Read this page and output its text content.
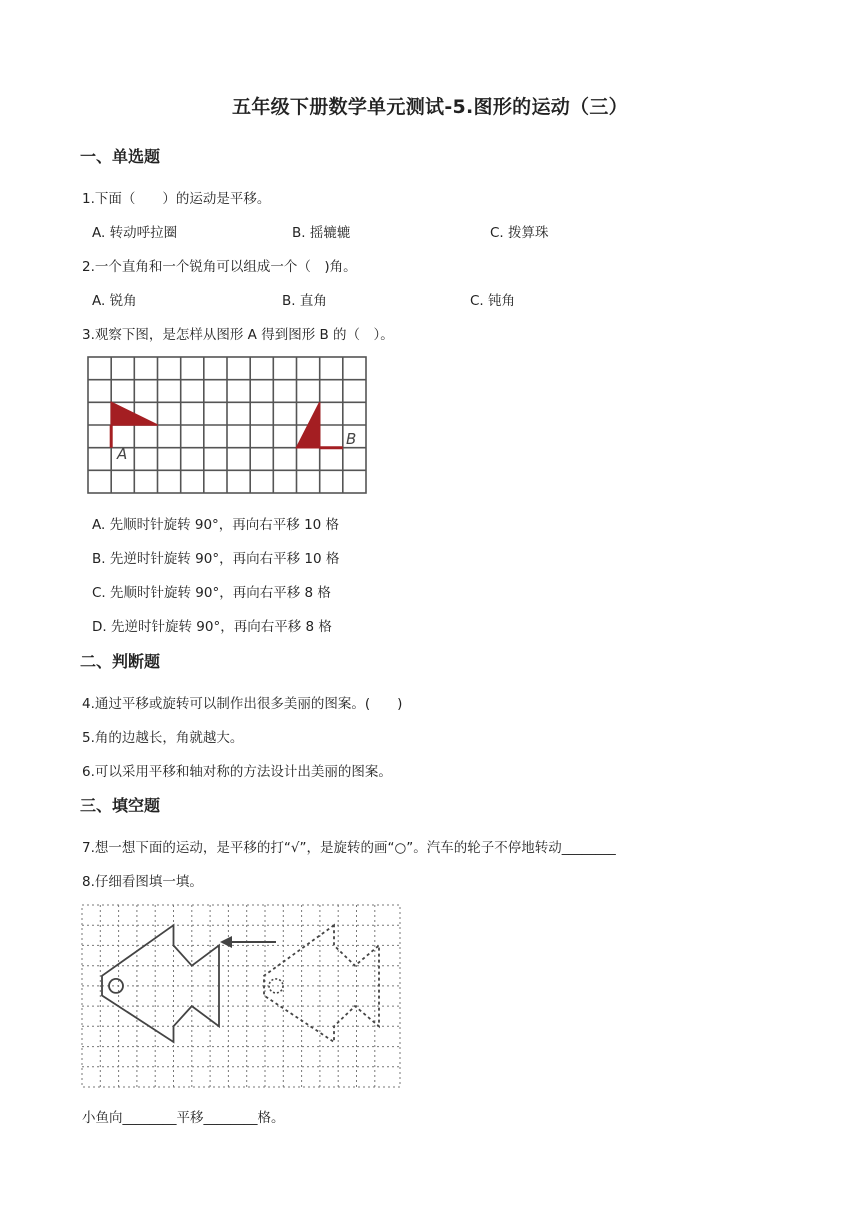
五年级下册数学单元测试-5.图形的运动（三）
一、单选题
1.下面（　　）的运动是平移。
A. 转动呼拉圈	B. 摇辘辘	C. 拨算珠
2.一个直角和一个锐角可以组成一个（　)角。
A. 锐角	B. 直角	C. 钝角
3.观察下图，是怎样从图形 A 得到图形 B 的（　）。
A
B
A. 先顺时针旋转 90°，再向右平移 10 格
B. 先逆时针旋转 90°，再向右平移 10 格
C. 先顺时针旋转 90°，再向右平移 8 格
D. 先逆时针旋转 90°，再向右平移 8 格
二、判断题
4.通过平移或旋转可以制作出很多美丽的图案。(　　)
5.角的边越长，角就越大。
6.可以采用平移和轴对称的方法设计出美丽的图案。
三、填空题
7.想一想下面的运动，是平移的打“√”，是旋转的画“○”。汽车的轮子不停地转动________
8.仔细看图填一填。
小鱼向________平移________格。
